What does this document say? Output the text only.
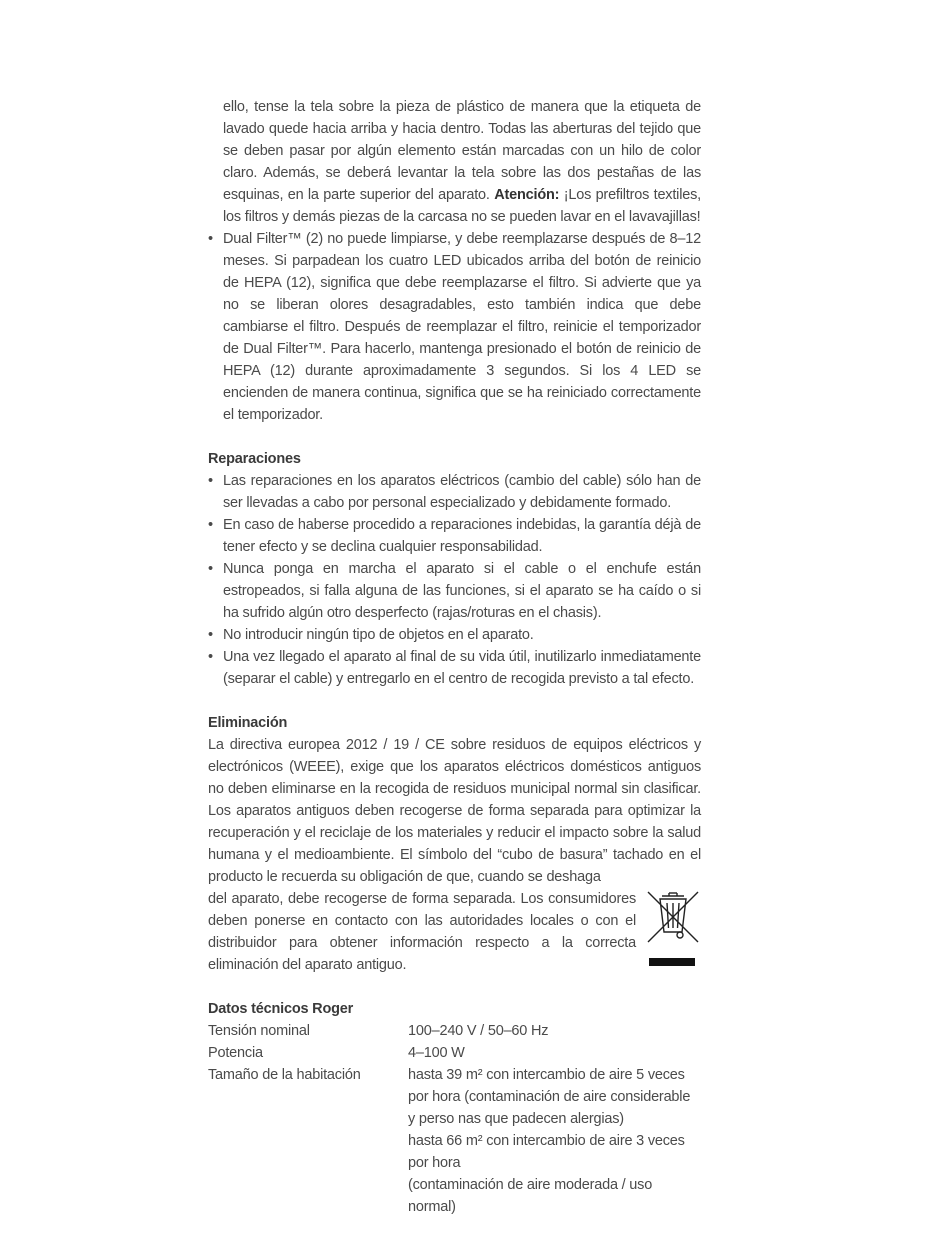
ello, tense la tela sobre la pieza de plástico de manera que la etiqueta de lavado quede hacia arriba y hacia dentro. Todas las aberturas del tejido que se deben pasar por algún elemento están marcadas con un hilo de color claro. Además, se deberá levantar la tela sobre las dos pestañas de las esquinas, en la parte superior del aparato. Atención: ¡Los prefiltros textiles, los filtros y demás piezas de la carcasa no se pueden lavar en el lavavajillas!

• Dual Filter™ (2) no puede limpiarse, y debe reemplazarse después de 8–12 meses. Si parpadean los cuatro LED ubicados arriba del botón de reinicio de HEPA (12), significa que debe reemplazarse el filtro. Si advierte que ya no se liberan olores desagradables, esto también indica que debe cambiarse el filtro. Después de reemplazar el filtro, reinicie el temporizador de Dual Filter™. Para hacerlo, mantenga presionado el botón de reinicio de HEPA (12) durante aproximadamente 3 segundos. Si los 4 LED se encienden de manera continua, significa que se ha reiniciado correctamente el temporizador.
Reparaciones
• Las reparaciones en los aparatos eléctricos (cambio del cable) sólo han de ser llevadas a cabo por personal especializado y debidamente formado.
• En caso de haberse procedido a reparaciones indebidas, la garantía déjà de tener efecto y se declina cualquier responsabilidad.
• Nunca ponga en marcha el aparato si el cable o el enchufe están estropeados, si falla alguna de las funciones, si el aparato se ha caído o si ha sufrido algún otro desperfecto (rajas/roturas en el chasis).
• No introducir ningún tipo de objetos en el aparato.
• Una vez llegado el aparato al final de su vida útil, inutilizarlo inmediatamente (separar el cable) y entregarlo en el centro de recogida previsto a tal efecto.
Eliminación

La directiva europea 2012 / 19 / CE sobre residuos de equipos eléctricos y electrónicos (WEEE), exige que los aparatos eléctricos domésticos antiguos no deben eliminarse en la recogida de residuos municipal normal sin clasificar. Los aparatos antiguos deben recogerse de forma separada para optimizar la recuperación y el reciclaje de los materiales y reducir el impacto sobre la salud humana y el medioambiente. El símbolo del “cubo de basura” tachado en el producto le recuerda su obligación de que, cuando se deshaga

del aparato, debe recogerse de forma separada. Los consumidores deben ponerse en contacto con las autoridades locales o con el distribuidor para obtener información respecto a la correcta eliminación del aparato antiguo.

Datos técnicos Roger
Tensión nominal	100–240 V / 50–60 Hz
Potencia	4–100 W
Tamaño de la habitación	hasta 39 m² con intercambio de aire 5 veces por hora (contaminación de aire considerable y perso nas que padecen alergias)
	hasta 66 m² con intercambio de aire 3 veces por hora
	(contaminación de aire moderada / uso normal)
